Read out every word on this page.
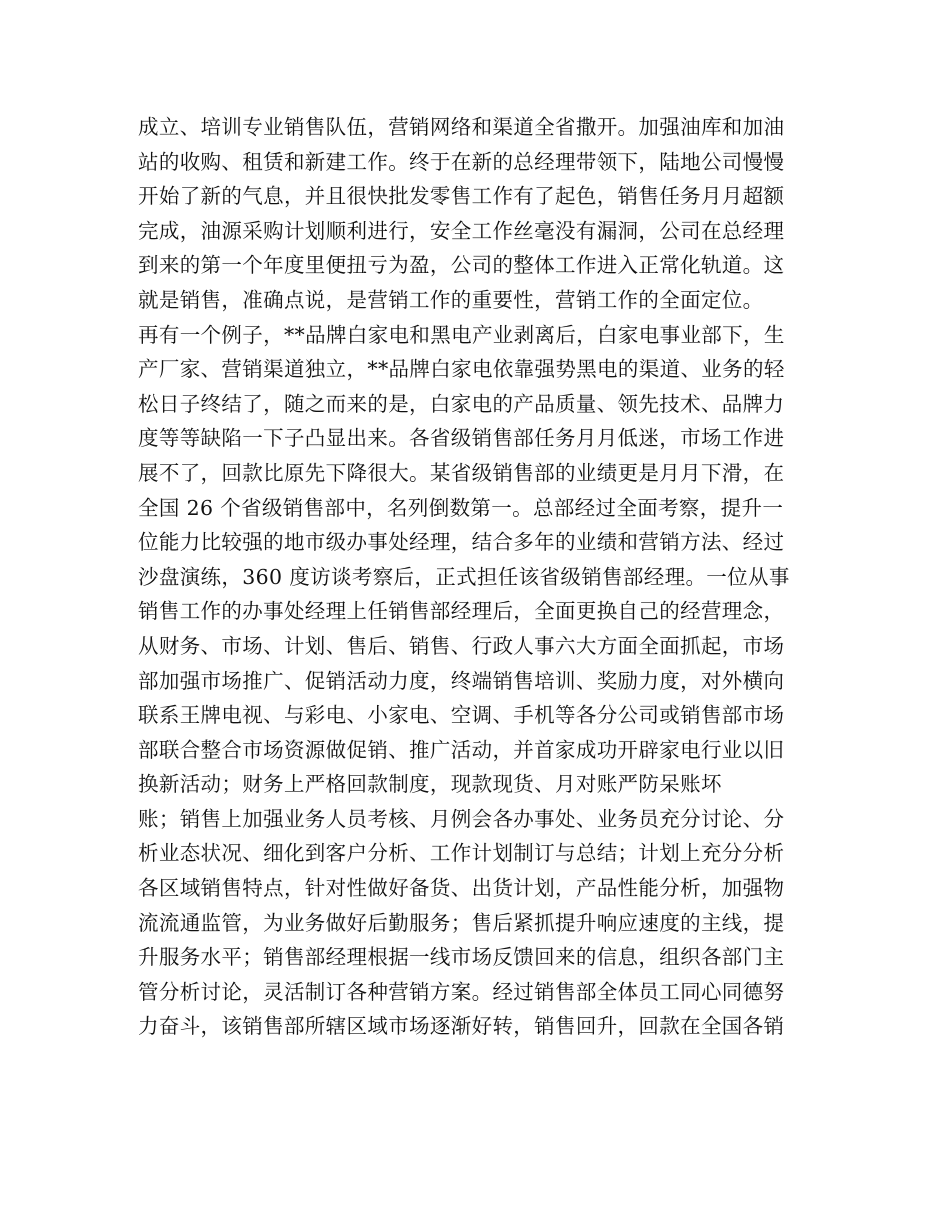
成立、培训专业销售队伍，营销网络和渠道全省撒开。加强油库和加油
站的收购、租赁和新建工作。终于在新的总经理带领下，陆地公司慢慢
开始了新的气息，并且很快批发零售工作有了起色，销售任务月月超额
完成，油源采购计划顺利进行，安全工作丝毫没有漏洞，公司在总经理
到来的第一个年度里便扭亏为盈，公司的整体工作进入正常化轨道。这
就是销售，准确点说，是营销工作的重要性，营销工作的全面定位。
再有一个例子，**品牌白家电和黑电产业剥离后，白家电事业部下，生
产厂家、营销渠道独立，**品牌白家电依靠强势黑电的渠道、业务的轻
松日子终结了，随之而来的是，白家电的产品质量、领先技术、品牌力
度等等缺陷一下子凸显出来。各省级销售部任务月月低迷，市场工作进
展不了，回款比原先下降很大。某省级销售部的业绩更是月月下滑，在
全国 26 个省级销售部中，名列倒数第一。总部经过全面考察，提升一
位能力比较强的地市级办事处经理，结合多年的业绩和营销方法、经过
沙盘演练，360 度访谈考察后，正式担任该省级销售部经理。一位从事
销售工作的办事处经理上任销售部经理后，全面更换自己的经营理念，
从财务、市场、计划、售后、销售、行政人事六大方面全面抓起，市场
部加强市场推广、促销活动力度，终端销售培训、奖励力度，对外横向
联系王牌电视、与彩电、小家电、空调、手机等各分公司或销售部市场
部联合整合市场资源做促销、推广活动，并首家成功开辟家电行业以旧
换新活动；财务上严格回款制度，现款现货、月对账严防呆账坏
账；销售上加强业务人员考核、月例会各办事处、业务员充分讨论、分
析业态状况、细化到客户分析、工作计划制订与总结；计划上充分分析
各区域销售特点，针对性做好备货、出货计划，产品性能分析，加强物
流流通监管，为业务做好后勤服务；售后紧抓提升响应速度的主线，提
升服务水平；销售部经理根据一线市场反馈回来的信息，组织各部门主
管分析讨论，灵活制订各种营销方案。经过销售部全体员工同心同德努
力奋斗，该销售部所辖区域市场逐渐好转，销售回升，回款在全国各销
